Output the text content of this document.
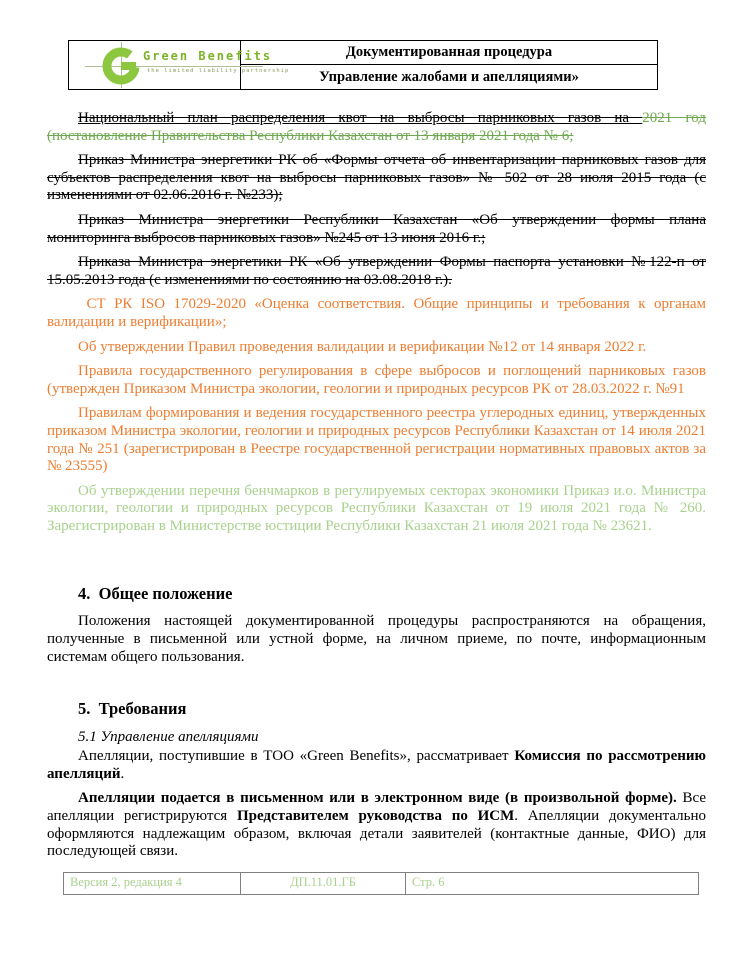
Green Benefits
the limited liability partnership
Документированная процедура
Управление жалобами и апелляциями»

Национальный план распределения квот на выбросы парниковых газов на 2021 год (постановление Правительства Республики Казахстан от 13 января 2021 года № 6;

Приказ Министра энергетики РК об «Формы отчета об инвентаризации парниковых газов для субъектов распределения квот на выбросы парниковых газов» № 502 от 28 июля 2015 года (с изменениями от 02.06.2016 г. №233);

Приказ Министра энергетики Республики Казахстан «Об утверждении формы плана мониторинга выбросов парниковых газов» №245 от 13 июня 2016 г.;

Приказа Министра энергетики РК «Об утверждении Формы паспорта установки №122-п от 15.05.2013 года (с изменениями по состоянию на 03.08.2018 г.).

СТ РК ISO 17029-2020 «Оценка соответствия. Общие принципы и требования к органам валидации и верификации»;

Об утверждении Правил проведения валидации и верификации №12 от 14 января 2022 г.

Правила государственного регулирования в сфере выбросов и поглощений парниковых газов (утвержден Приказом Министра экологии, геологии и природных ресурсов РК от 28.03.2022 г. №91

Правилам формирования и ведения государственного реестра углеродных единиц, утвержденных приказом Министра экологии, геологии и природных ресурсов Республики Казахстан от 14 июля 2021 года № 251 (зарегистрирован в Реестре государственной регистрации нормативных правовых актов за № 23555)

Об утверждении перечня бенчмарков в регулируемых секторах экономики Приказ и.о. Министра экологии, геологии и природных ресурсов Республики Казахстан от 19 июля 2021 года № 260. Зарегистрирован в Министерстве юстиции Республики Казахстан 21 июля 2021 года № 23621.

4.  Общее положение

Положения настоящей документированной процедуры распространяются на обращения, полученные в письменной или устной форме, на личном приеме, по почте, информационным системам общего пользования.

5.  Требования

5.1 Управление апелляциями

Апелляции, поступившие в ТОО «Green Benefits», рассматривает Комиссия по рассмотрению апелляций.

Апелляции подается в письменном или в электронном виде (в произвольной форме). Все апелляции регистрируются Представителем руководства по ИСМ. Апелляции документально оформляются надлежащим образом, включая детали заявителей (контактные данные, ФИО) для последующей связи.

Версия 2, редакция 4	ДП.11.01.ГБ	Стр. 6
